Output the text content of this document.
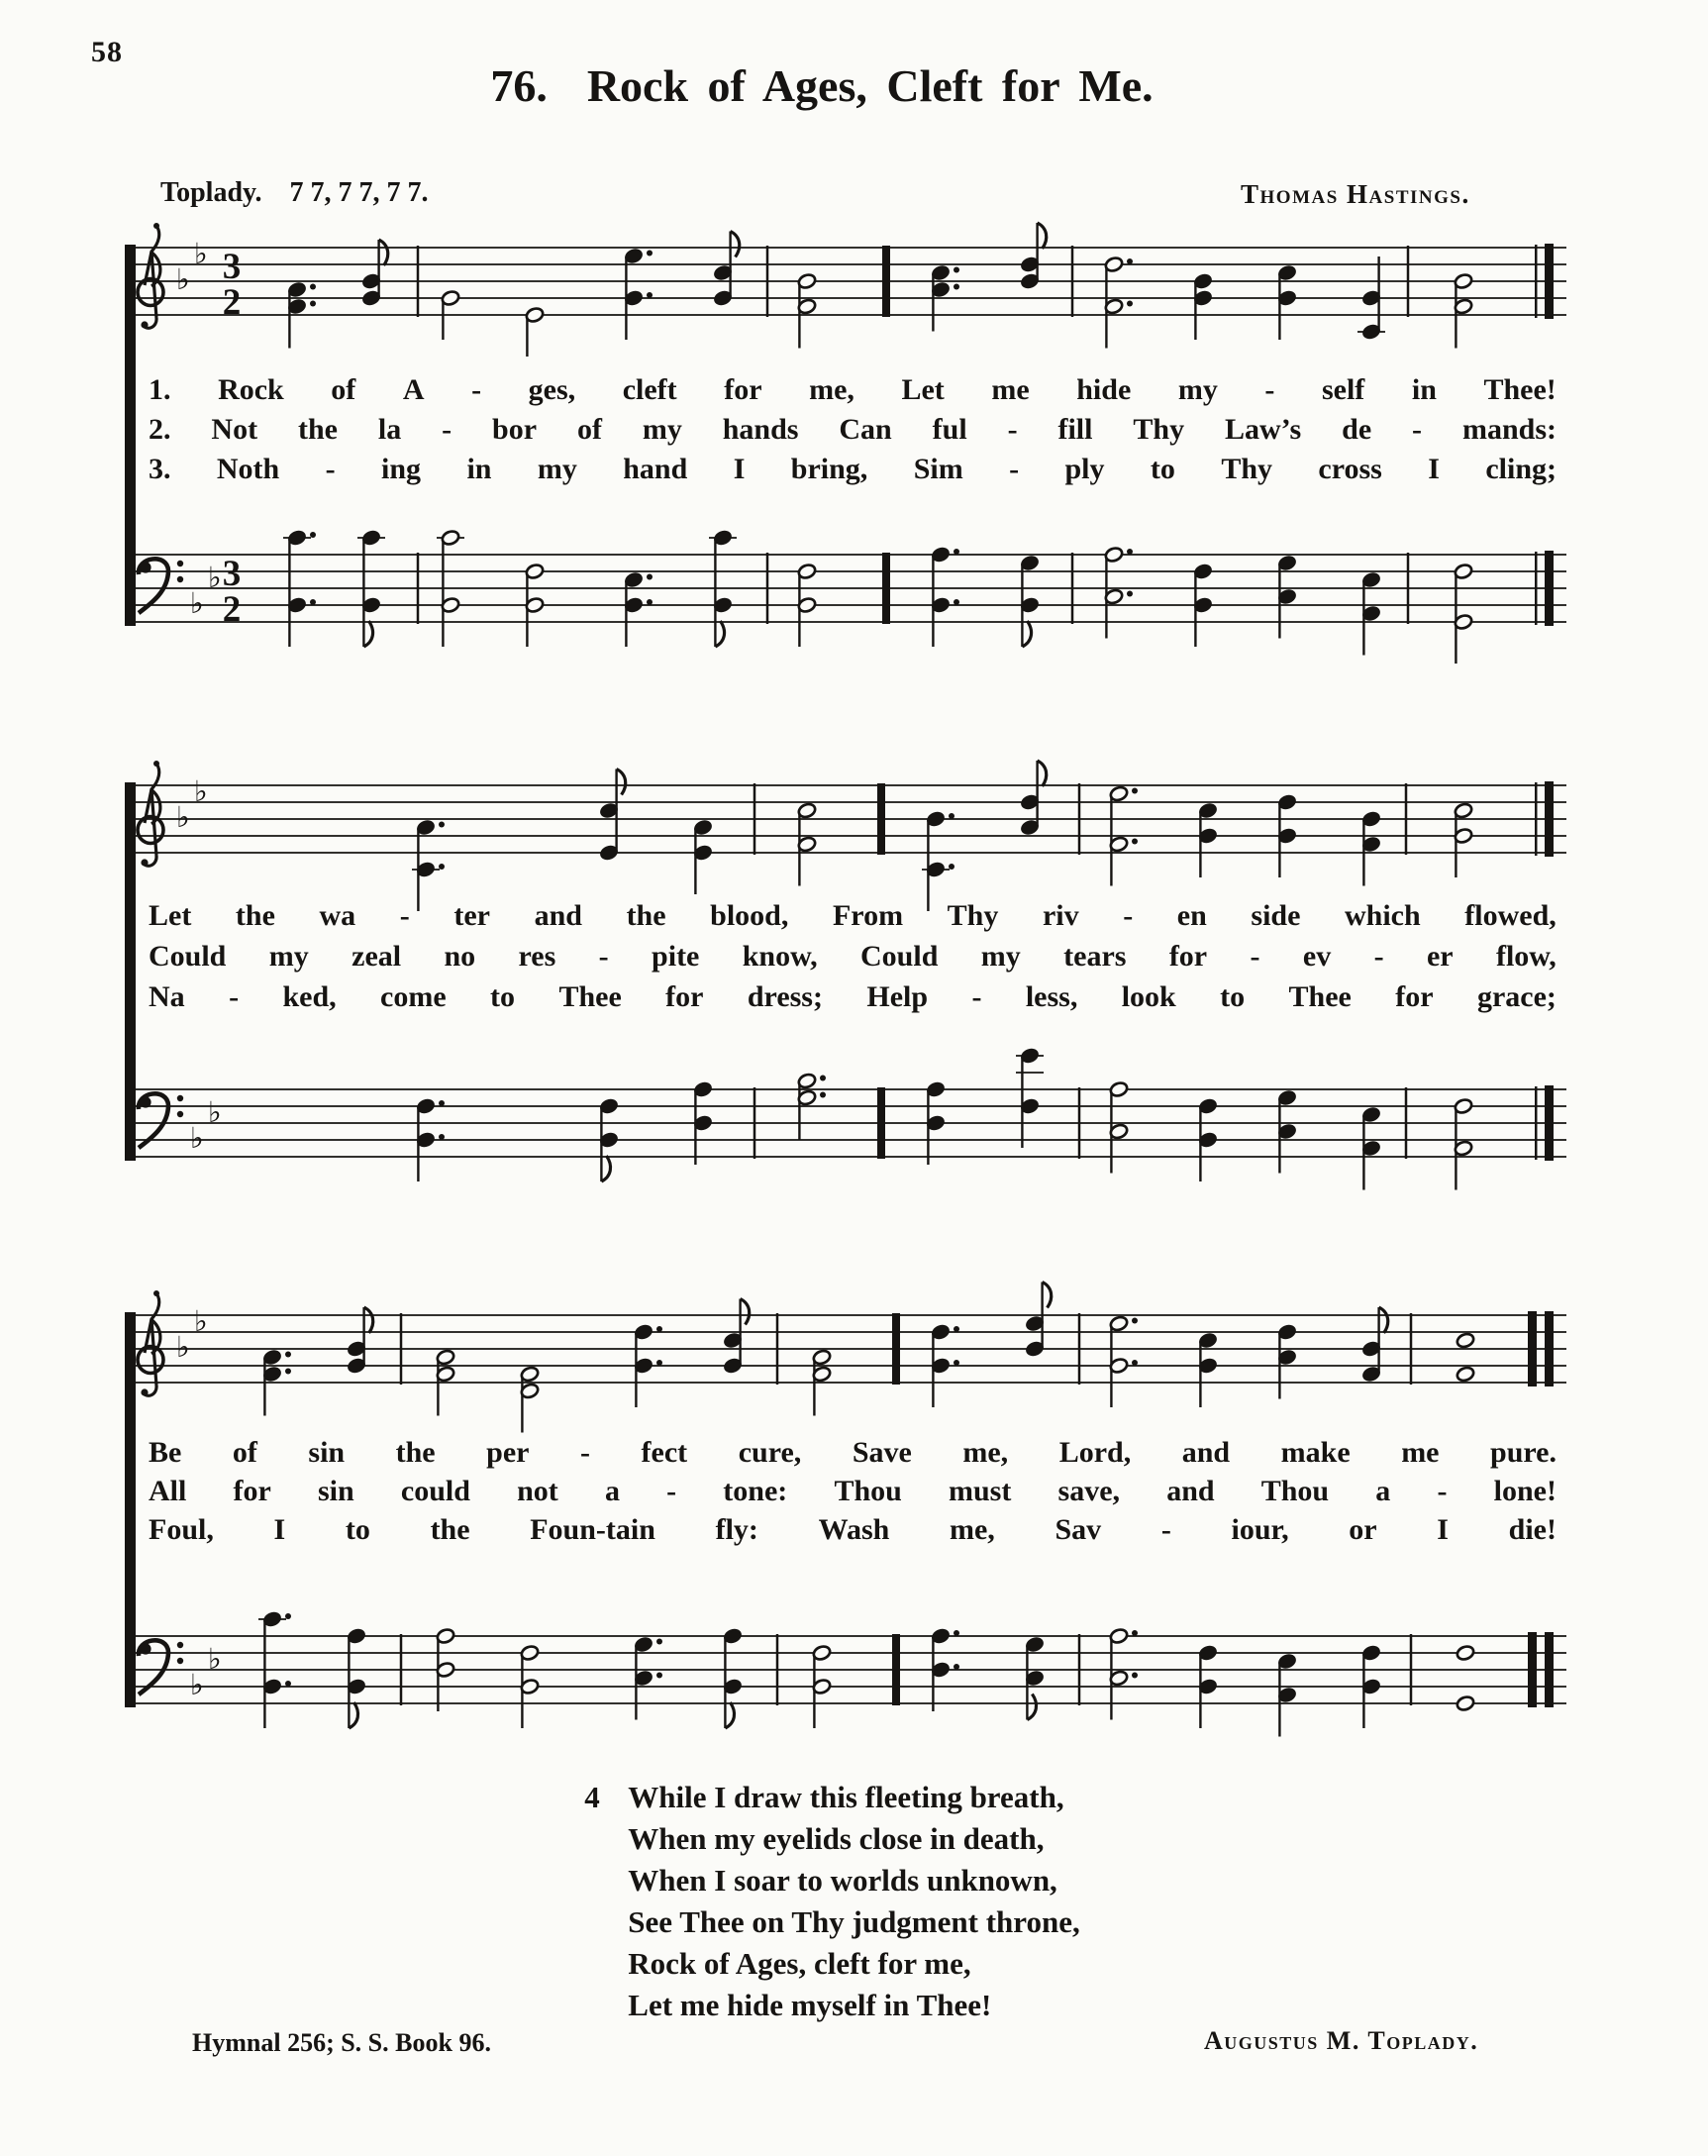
58
76. Rock of Ages, Cleft for Me.
Toplady. 7 7, 7 7, 7 7.	Thomas Hastings.
♭
♭ 3
2
♭
♭ 3
2
♭
♭
♭
♭
♭
♭
♭
♭
1. Rock of A - ges, cleft for me, Let me hide my - self in Thee!
2. Not the la - bor of my hands Can ful - fill Thy Law’s de - mands:
3. Noth - ing in my hand I bring, Sim - ply to Thy cross I cling;
Let the wa - ter and the blood, From Thy riv - en side which flowed,
Could my zeal no res - pite know, Could my tears for - ev - er flow,
Na - ked, come to Thee for dress; Help - less, look to Thee for grace;
Be of sin the per - fect cure, Save me, Lord, and make me pure.
All for sin could not a - tone: Thou must save, and Thou a - lone!
Foul, I to the Foun-tain fly: Wash me, Sav - iour, or I die!
4 While I draw this fleeting breath,
When my eyelids close in death,
When I soar to worlds unknown,
See Thee on Thy judgment throne,
Rock of Ages, cleft for me,
Let me hide myself in Thee!
Hymnal 256; S. S. Book 96.	Augustus M. Toplady.
